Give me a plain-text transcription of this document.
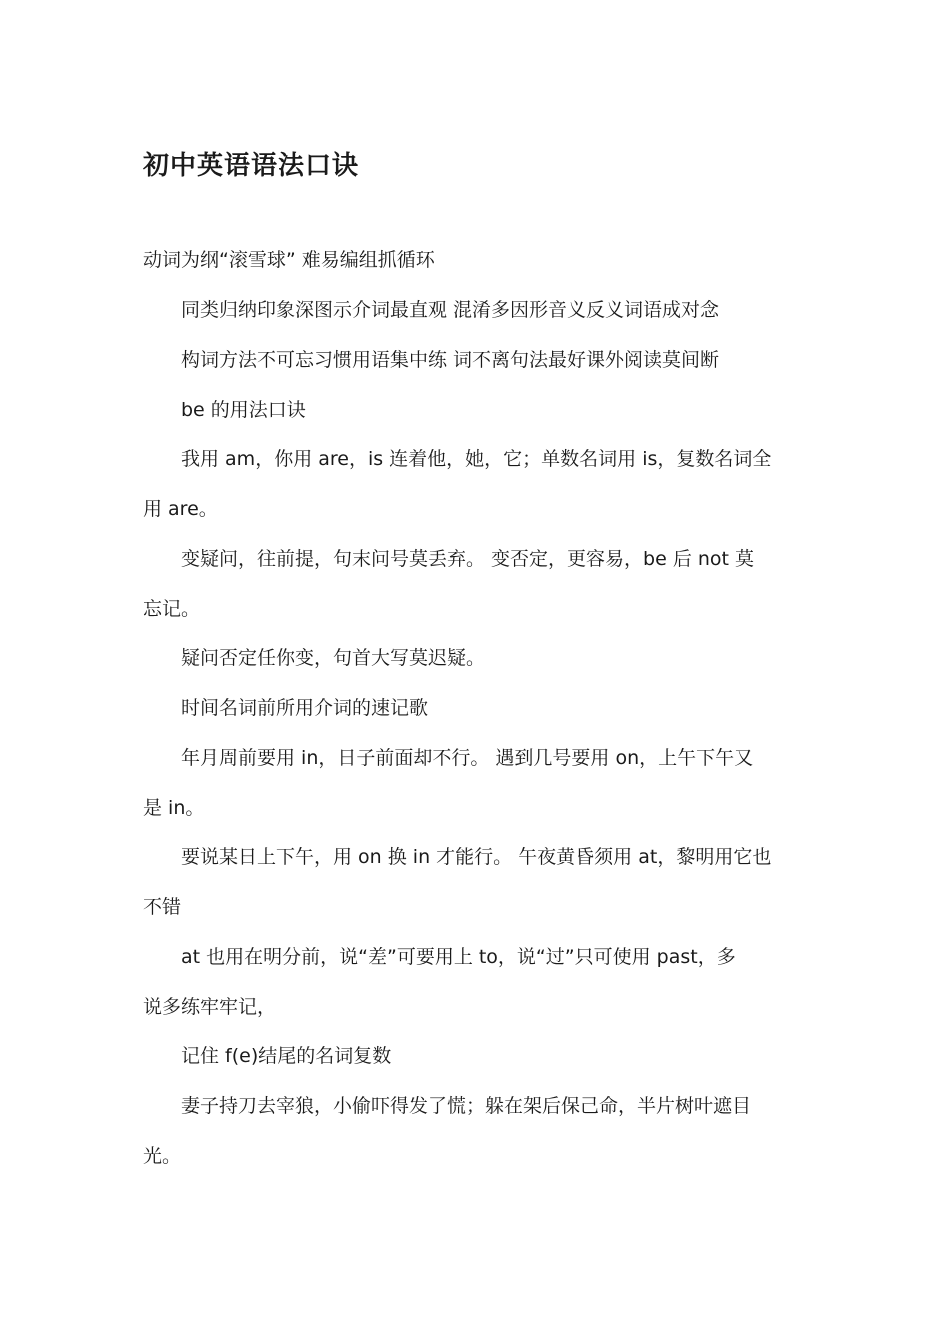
初中英语语法口诀
动词为纲“滚雪球” 难易编组抓循环
同类归纳印象深图示介词最直观 混淆多因形音义反义词语成对念
构词方法不可忘习惯用语集中练 词不离句法最好课外阅读莫间断
be 的用法口诀
我用 am，你用 are，is 连着他，她，它；单数名词用 is，复数名词全
用 are。
变疑问，往前提，句末问号莫丢弃。 变否定，更容易，be 后 not 莫
忘记。
疑问否定任你变，句首大写莫迟疑。
时间名词前所用介词的速记歌
年月周前要用 in，日子前面却不行。 遇到几号要用 on，上午下午又
是 in。
要说某日上下午，用 on 换 in 才能行。 午夜黄昏须用 at，黎明用它也
不错
at 也用在明分前，说“差”可要用上 to，说“过”只可使用 past，多
说多练牢牢记，
记住 f(e)结尾的名词复数
妻子持刀去宰狼，小偷吓得发了慌；躲在架后保己命，半片树叶遮目
光。
